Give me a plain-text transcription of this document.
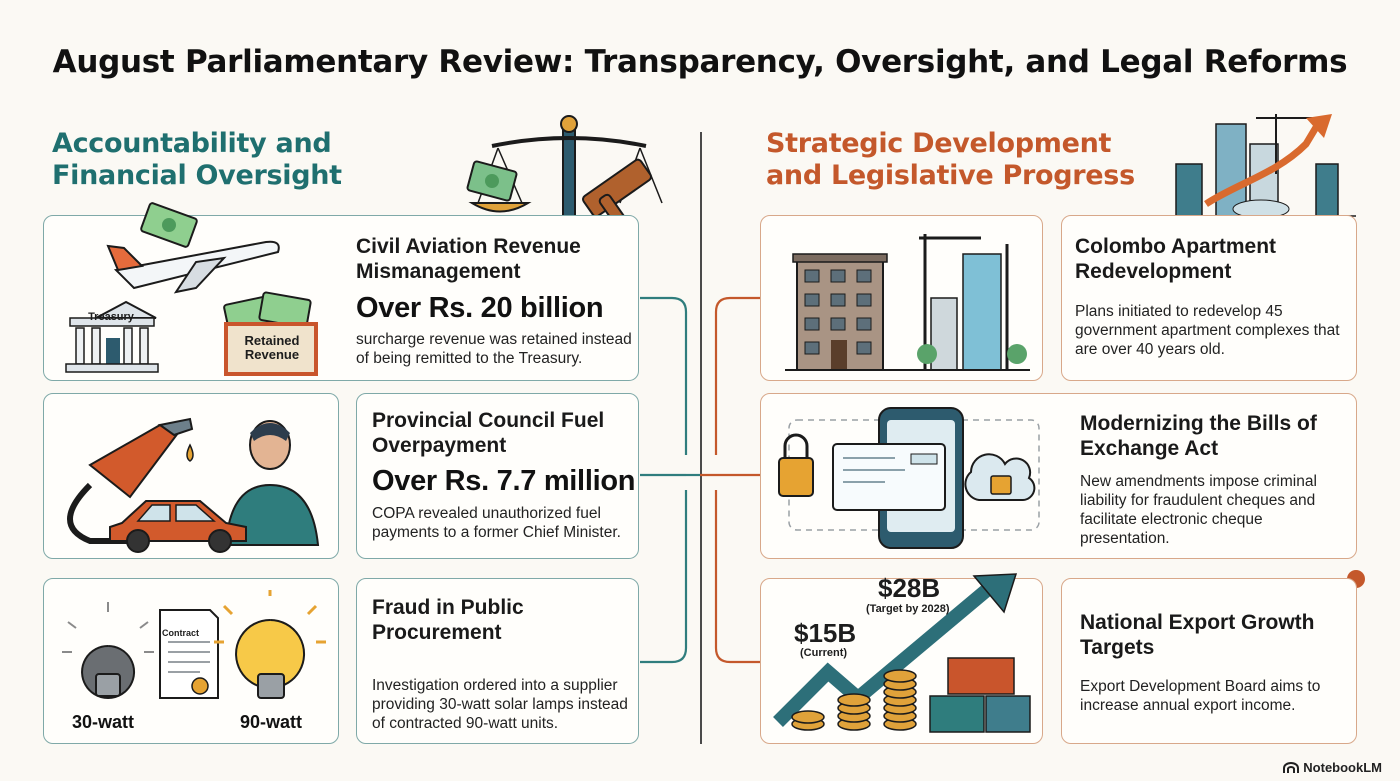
August Parliamentary Review: Transparency, Oversight, and Legal Reforms
Accountability and Financial Oversight
Strategic Development and Legislative Progress
Treasury
Retained Revenue
Civil Aviation Revenue Mismanagement
Over Rs. 20 billion
surcharge revenue was retained instead of being remitted to the Treasury.
Provincial Council Fuel Overpayment
Over Rs. 7.7 million
COPA revealed unauthorized fuel payments to a former Chief Minister.
Contract
30-watt	90-watt
Fraud in Public Procurement
Investigation ordered into a supplier providing 30-watt solar lamps instead of contracted 90-watt units.
Colombo Apartment Redevelopment
Plans initiated to redevelop 45 government apartment complexes that are over 40 years old.
Modernizing the Bills of Exchange Act
New amendments impose criminal liability for fraudulent cheques and facilitate electronic cheque presentation.
$15B
(Current)
$28B
(Target by 2028)
National Export Growth Targets
Export Development Board aims to increase annual export income.
NotebookLM
